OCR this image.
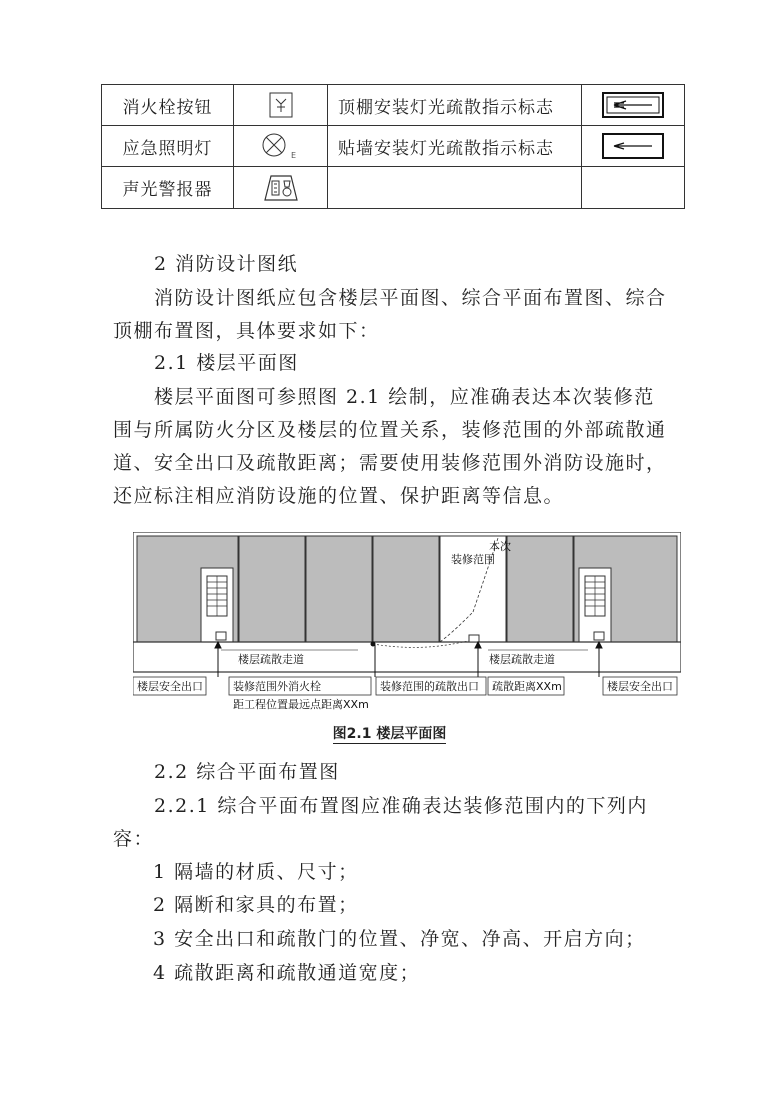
消火栓按钮		顶棚安装灯光疏散指示标志	

应急照明灯	E	贴墙安装灯光疏散指示标志	

声光警报器	

2 消防设计图纸

消防设计图纸应包含楼层平面图、综合平面布置图、综合顶棚布置图，具体要求如下：

2.1 楼层平面图

楼层平面图可参照图 2.1 绘制，应准确表达本次装修范围与所属防火分区及楼层的位置关系，装修范围的外部疏散通道、安全出口及疏散距离；需要使用装修范围外消防设施时，还应标注相应消防设施的位置、保护距离等信息。

本次
装修范围
楼层疏散走道	楼层疏散走道
楼层安全出口	装修范围外消火栓
距工程位置最远点距离XXm
装修范围的疏散出口 疏散距离XXm	楼层安全出口
图2.1 楼层平面图

2.2 综合平面布置图

2.2.1 综合平面布置图应准确表达装修范围内的下列内容：

1 隔墙的材质、尺寸；

2 隔断和家具的布置；

3 安全出口和疏散门的位置、净宽、净高、开启方向；

4 疏散距离和疏散通道宽度；
